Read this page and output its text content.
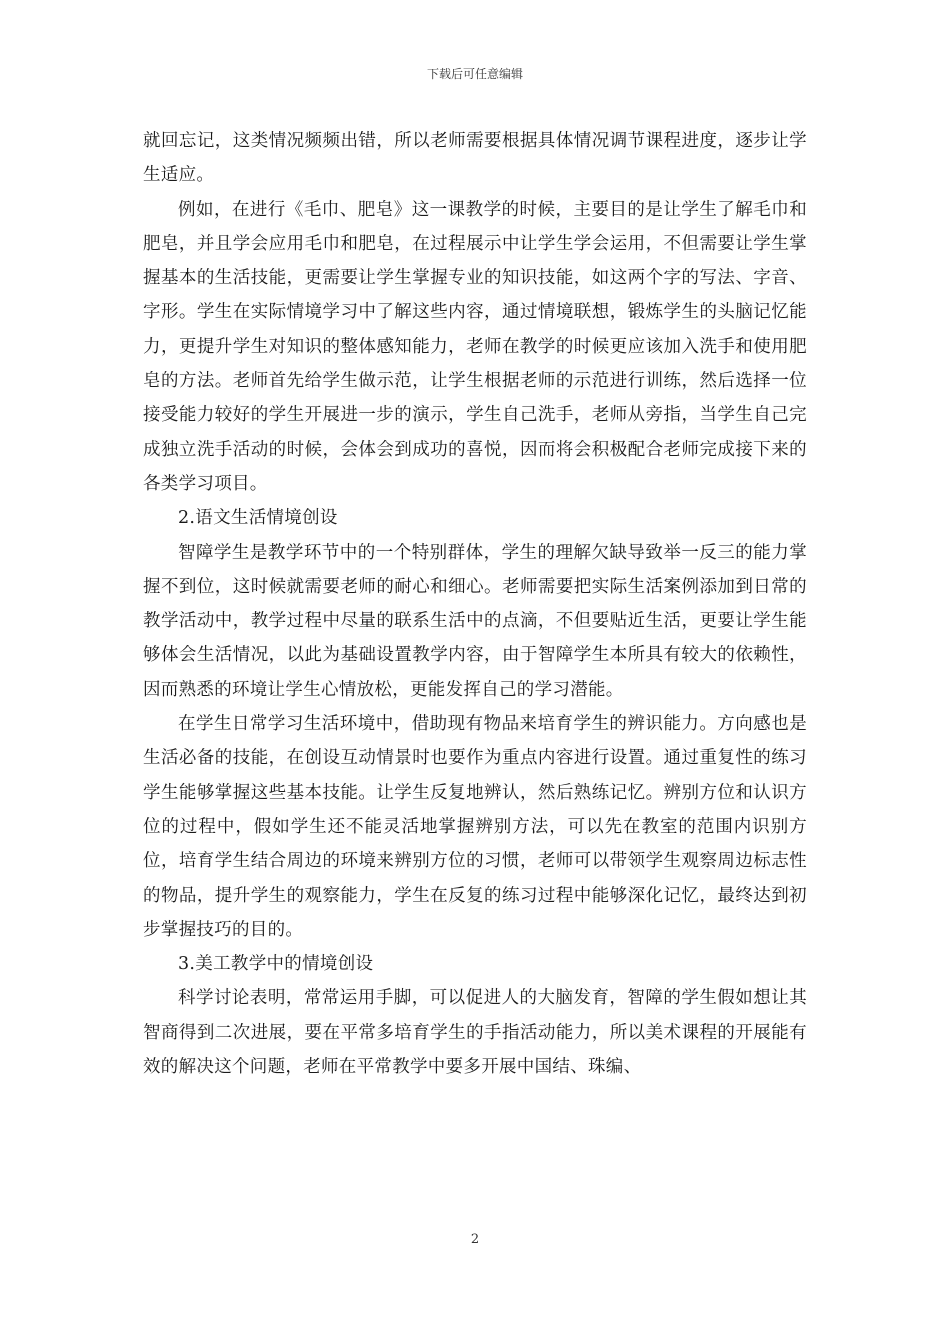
下载后可任意编辑

就回忘记，这类情况频频出错，所以老师需要根据具体情况调节课程进度，逐步让学生适应。

例如，在进行《毛巾、肥皂》这一课教学的时候，主要目的是让学生了解毛巾和肥皂，并且学会应用毛巾和肥皂，在过程展示中让学生学会运用，不但需要让学生掌握基本的生活技能，更需要让学生掌握专业的知识技能，如这两个字的写法、字音、字形。学生在实际情境学习中了解这些内容，通过情境联想，锻炼学生的头脑记忆能力，更提升学生对知识的整体感知能力，老师在教学的时候更应该加入洗手和使用肥皂的方法。老师首先给学生做示范，让学生根据老师的示范进行训练，然后选择一位接受能力较好的学生开展进一步的演示，学生自己洗手，老师从旁指，当学生自己完成独立洗手活动的时候，会体会到成功的喜悦，因而将会积极配合老师完成接下来的各类学习项目。

2.语文生活情境创设

智障学生是教学环节中的一个特别群体，学生的理解欠缺导致举一反三的能力掌握不到位，这时候就需要老师的耐心和细心。老师需要把实际生活案例添加到日常的教学活动中，教学过程中尽量的联系生活中的点滴，不但要贴近生活，更要让学生能够体会生活情况，以此为基础设置教学内容，由于智障学生本所具有较大的依赖性，因而熟悉的环境让学生心情放松，更能发挥自己的学习潜能。

在学生日常学习生活环境中，借助现有物品来培育学生的辨识能力。方向感也是生活必备的技能，在创设互动情景时也要作为重点内容进行设置。通过重复性的练习学生能够掌握这些基本技能。让学生反复地辨认，然后熟练记忆。辨别方位和认识方位的过程中，假如学生还不能灵活地掌握辨别方法，可以先在教室的范围内识别方位，培育学生结合周边的环境来辨别方位的习惯，老师可以带领学生观察周边标志性的物品，提升学生的观察能力，学生在反复的练习过程中能够深化记忆，最终达到初步掌握技巧的目的。

3.美工教学中的情境创设

科学讨论表明，常常运用手脚，可以促进人的大脑发育，智障的学生假如想让其智商得到二次进展，要在平常多培育学生的手指活动能力，所以美术课程的开展能有效的解决这个问题，老师在平常教学中要多开展中国结、珠编、

2
